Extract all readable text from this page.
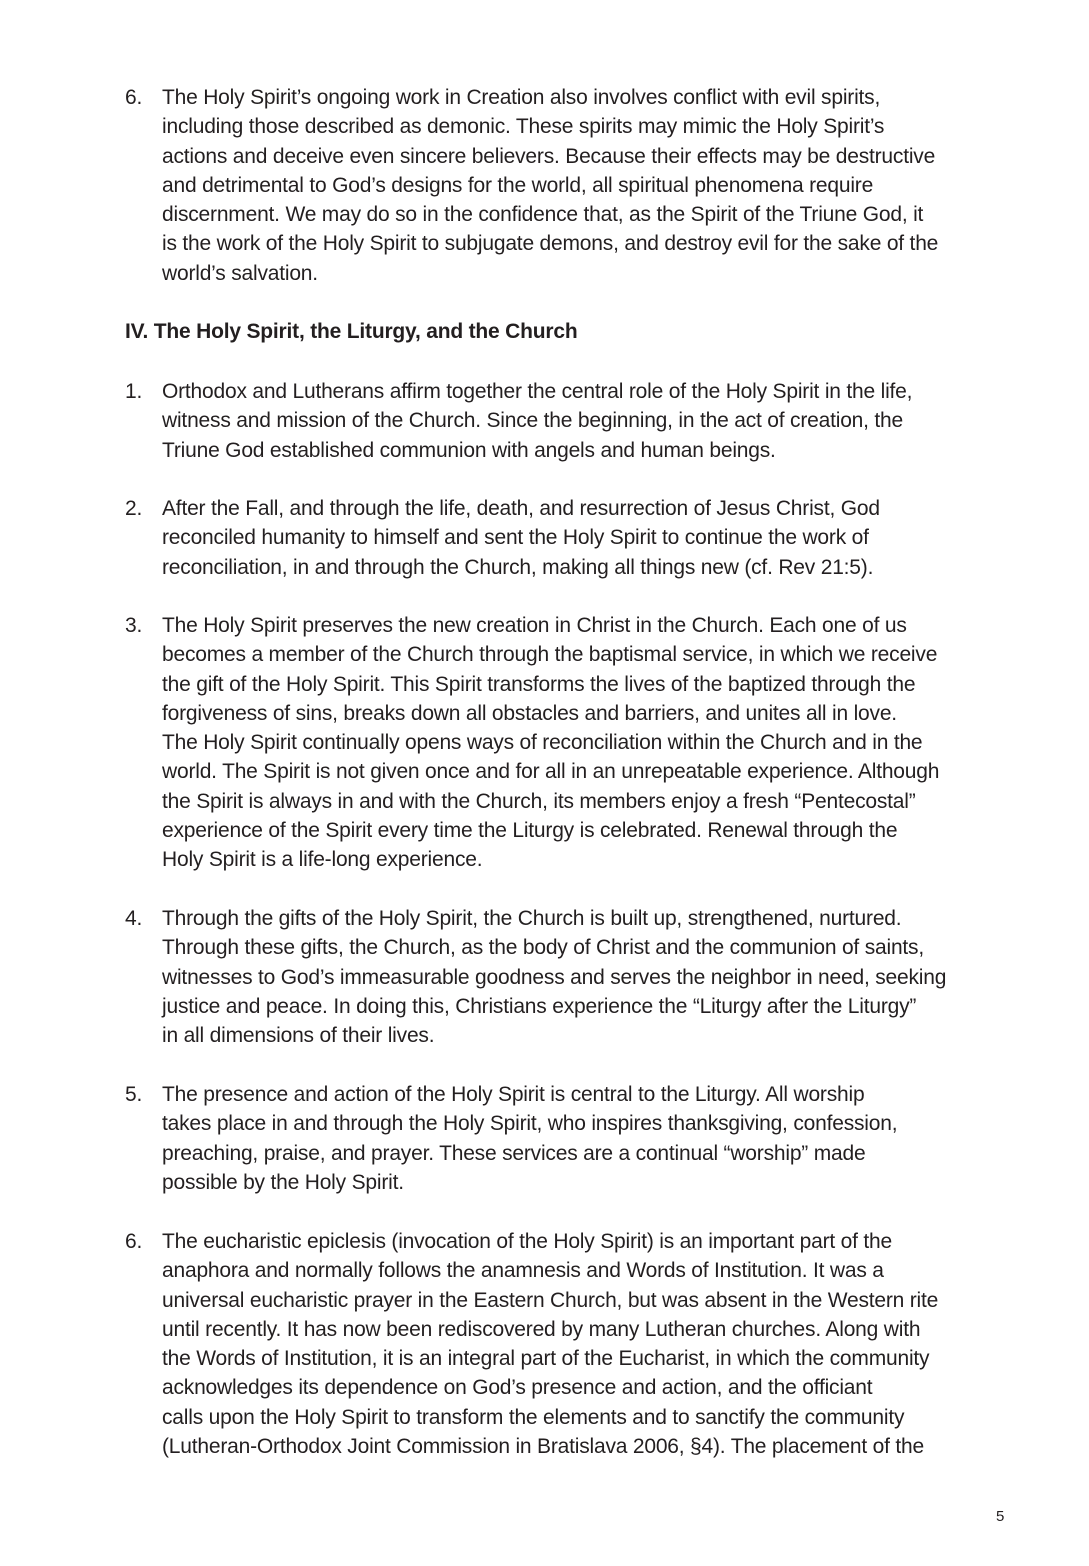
6. The Holy Spirit’s ongoing work in Creation also involves conflict with evil spirits,
including those described as demonic. These spirits may mimic the Holy Spirit’s
actions and deceive even sincere believers. Because their effects may be destructive
and detrimental to God’s designs for the world, all spiritual phenomena require
discernment. We may do so in the confidence that, as the Spirit of the Triune God, it
is the work of the Holy Spirit to subjugate demons, and destroy evil for the sake of the
world’s salvation.
IV. The Holy Spirit, the Liturgy, and the Church
1. Orthodox and Lutherans affirm together the central role of the Holy Spirit in the life,
witness and mission of the Church. Since the beginning, in the act of creation, the
Triune God established communion with angels and human beings.
2. After the Fall, and through the life, death, and resurrection of Jesus Christ, God
reconciled humanity to himself and sent the Holy Spirit to continue the work of
reconciliation, in and through the Church, making all things new (cf. Rev 21:5).
3. The Holy Spirit preserves the new creation in Christ in the Church. Each one of us
becomes a member of the Church through the baptismal service, in which we receive
the gift of the Holy Spirit. This Spirit transforms the lives of the baptized through the
forgiveness of sins, breaks down all obstacles and barriers, and unites all in love.
The Holy Spirit continually opens ways of reconciliation within the Church and in the
world. The Spirit is not given once and for all in an unrepeatable experience. Although
the Spirit is always in and with the Church, its members enjoy a fresh “Pentecostal”
experience of the Spirit every time the Liturgy is celebrated. Renewal through the
Holy Spirit is a life-long experience.
4. Through the gifts of the Holy Spirit, the Church is built up, strengthened, nurtured.
Through these gifts, the Church, as the body of Christ and the communion of saints,
witnesses to God’s immeasurable goodness and serves the neighbor in need, seeking
justice and peace. In doing this, Christians experience the “Liturgy after the Liturgy”
in all dimensions of their lives.
5. The presence and action of the Holy Spirit is central to the Liturgy. All worship
takes place in and through the Holy Spirit, who inspires thanksgiving, confession,
preaching, praise, and prayer. These services are a continual “worship” made
possible by the Holy Spirit.
6. The eucharistic epiclesis (invocation of the Holy Spirit) is an important part of the
anaphora and normally follows the anamnesis and Words of Institution. It was a
universal eucharistic prayer in the Eastern Church, but was absent in the Western rite
until recently. It has now been rediscovered by many Lutheran churches. Along with
the Words of Institution, it is an integral part of the Eucharist, in which the community
acknowledges its dependence on God’s presence and action, and the officiant
calls upon the Holy Spirit to transform the elements and to sanctify the community
(Lutheran-Orthodox Joint Commission in Bratislava 2006, §4). The placement of the
5
